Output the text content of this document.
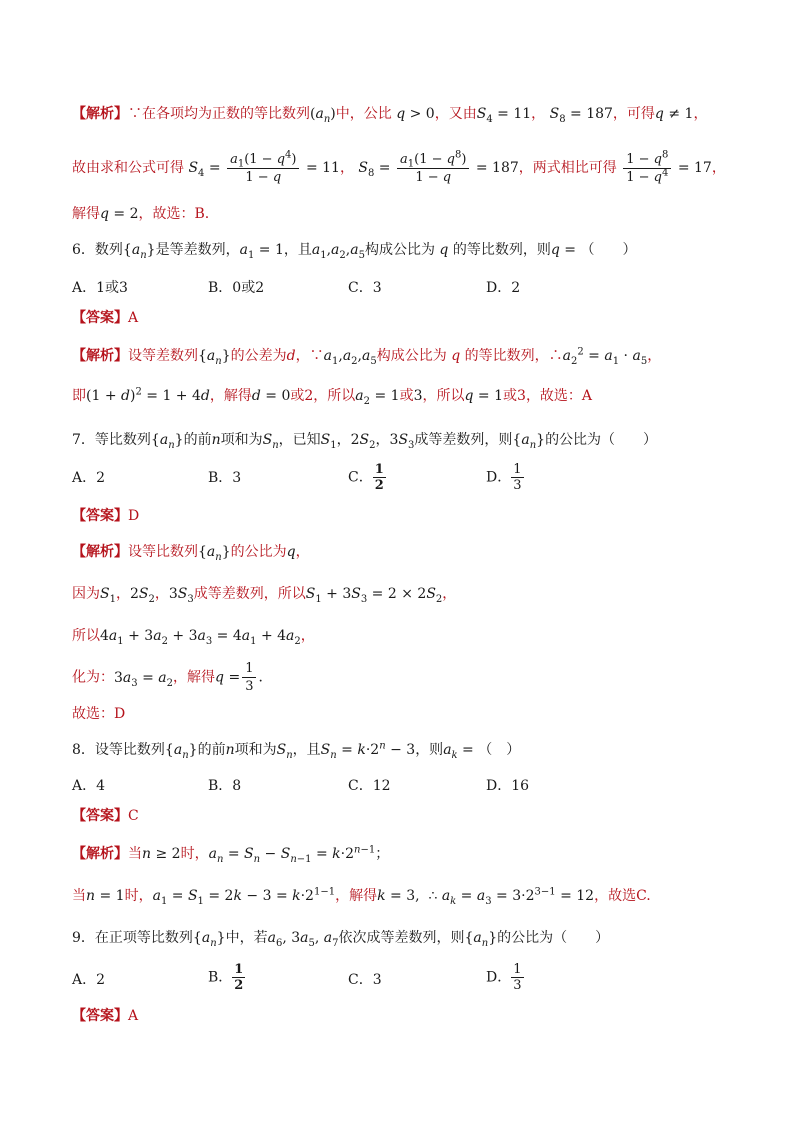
【解析】∵在各项均为正数的等比数列$(a_n)$中，公比 q > 0，又由$S_4 = 11$， $S_8 = 187$，可得q ≠ 1，
故由求和公式可得 $S_4 = \frac{a_1(1 - q^4)}{1 - q} = 11$， $S_8 = \frac{a_1(1 - q^8)}{1 - q} = 187$，两式相比可得 $\frac{1 - q^8}{1 - q^4} = 17$，
解得q = 2，故选：B.
6．数列$\{a_n\}$是等差数列，$a_1 = 1$，且$a_1,a_2,a_5$构成公比为 q 的等比数列，则q = （　　）
A．1或3	B．0或2	C．3	D．2
【答案】A
【解析】设等差数列$\{a_n\}$的公差为d，$\because a_1,a_2,a_5$构成公比为 q 的等比数列，$\therefore a_2^2 = a_1 \cdot a_5$，
即$(1 + d)^2 = 1 + 4d$，解得d = 0或2，所以$a_2 = 1$或3，所以q = 1或3，故选：A
7．等比数列$\{a_n\}$的前n项和为$S_n$，已知$S_1$，$2S_2$，$3S_3$成等差数列，则$\{a_n\}$的公比为（　　）
A．2	B．3	C． $\frac{1}{2}$	D． $\frac{1}{3}$
【答案】D
【解析】设等比数列$\{a_n\}$的公比为q，
因为$S_1$，$2S_2$，$3S_3$成等差数列，所以$S_1 + 3S_3 = 2 \times 2S_2$，
所以$4a_1 + 3a_2 + 3a_3 = 4a_1 + 4a_2$，
化为：$3a_3 = a_2$，解得$q = \frac{1}{3}$ ．
故选：D
8．设等比数列$\{a_n\}$的前n项和为$S_n$，且$S_n = k\cdot 2^n - 3$，则$a_k$ = （　）
A．4	B．8	C．12	D．16
【答案】C
【解析】当n ≥ 2时，$a_n = S_n - S_{n-1} = k\cdot 2^{n-1}$；
当n = 1时，$a_1 = S_1 = 2k - 3 = k\cdot 2^{1-1}$，解得k = 3,  ∴ $a_k = a_3 = 3\cdot 2^{3-1} = 12$，故选C.
9．在正项等比数列$\{a_n\}$中，若$a_6$, $3a_5$, $a_7$依次成等差数列，则$\{a_n\}$的公比为（　　）
A．2	B． $\frac{1}{2}$	C．3	D． $\frac{1}{3}$
【答案】A
